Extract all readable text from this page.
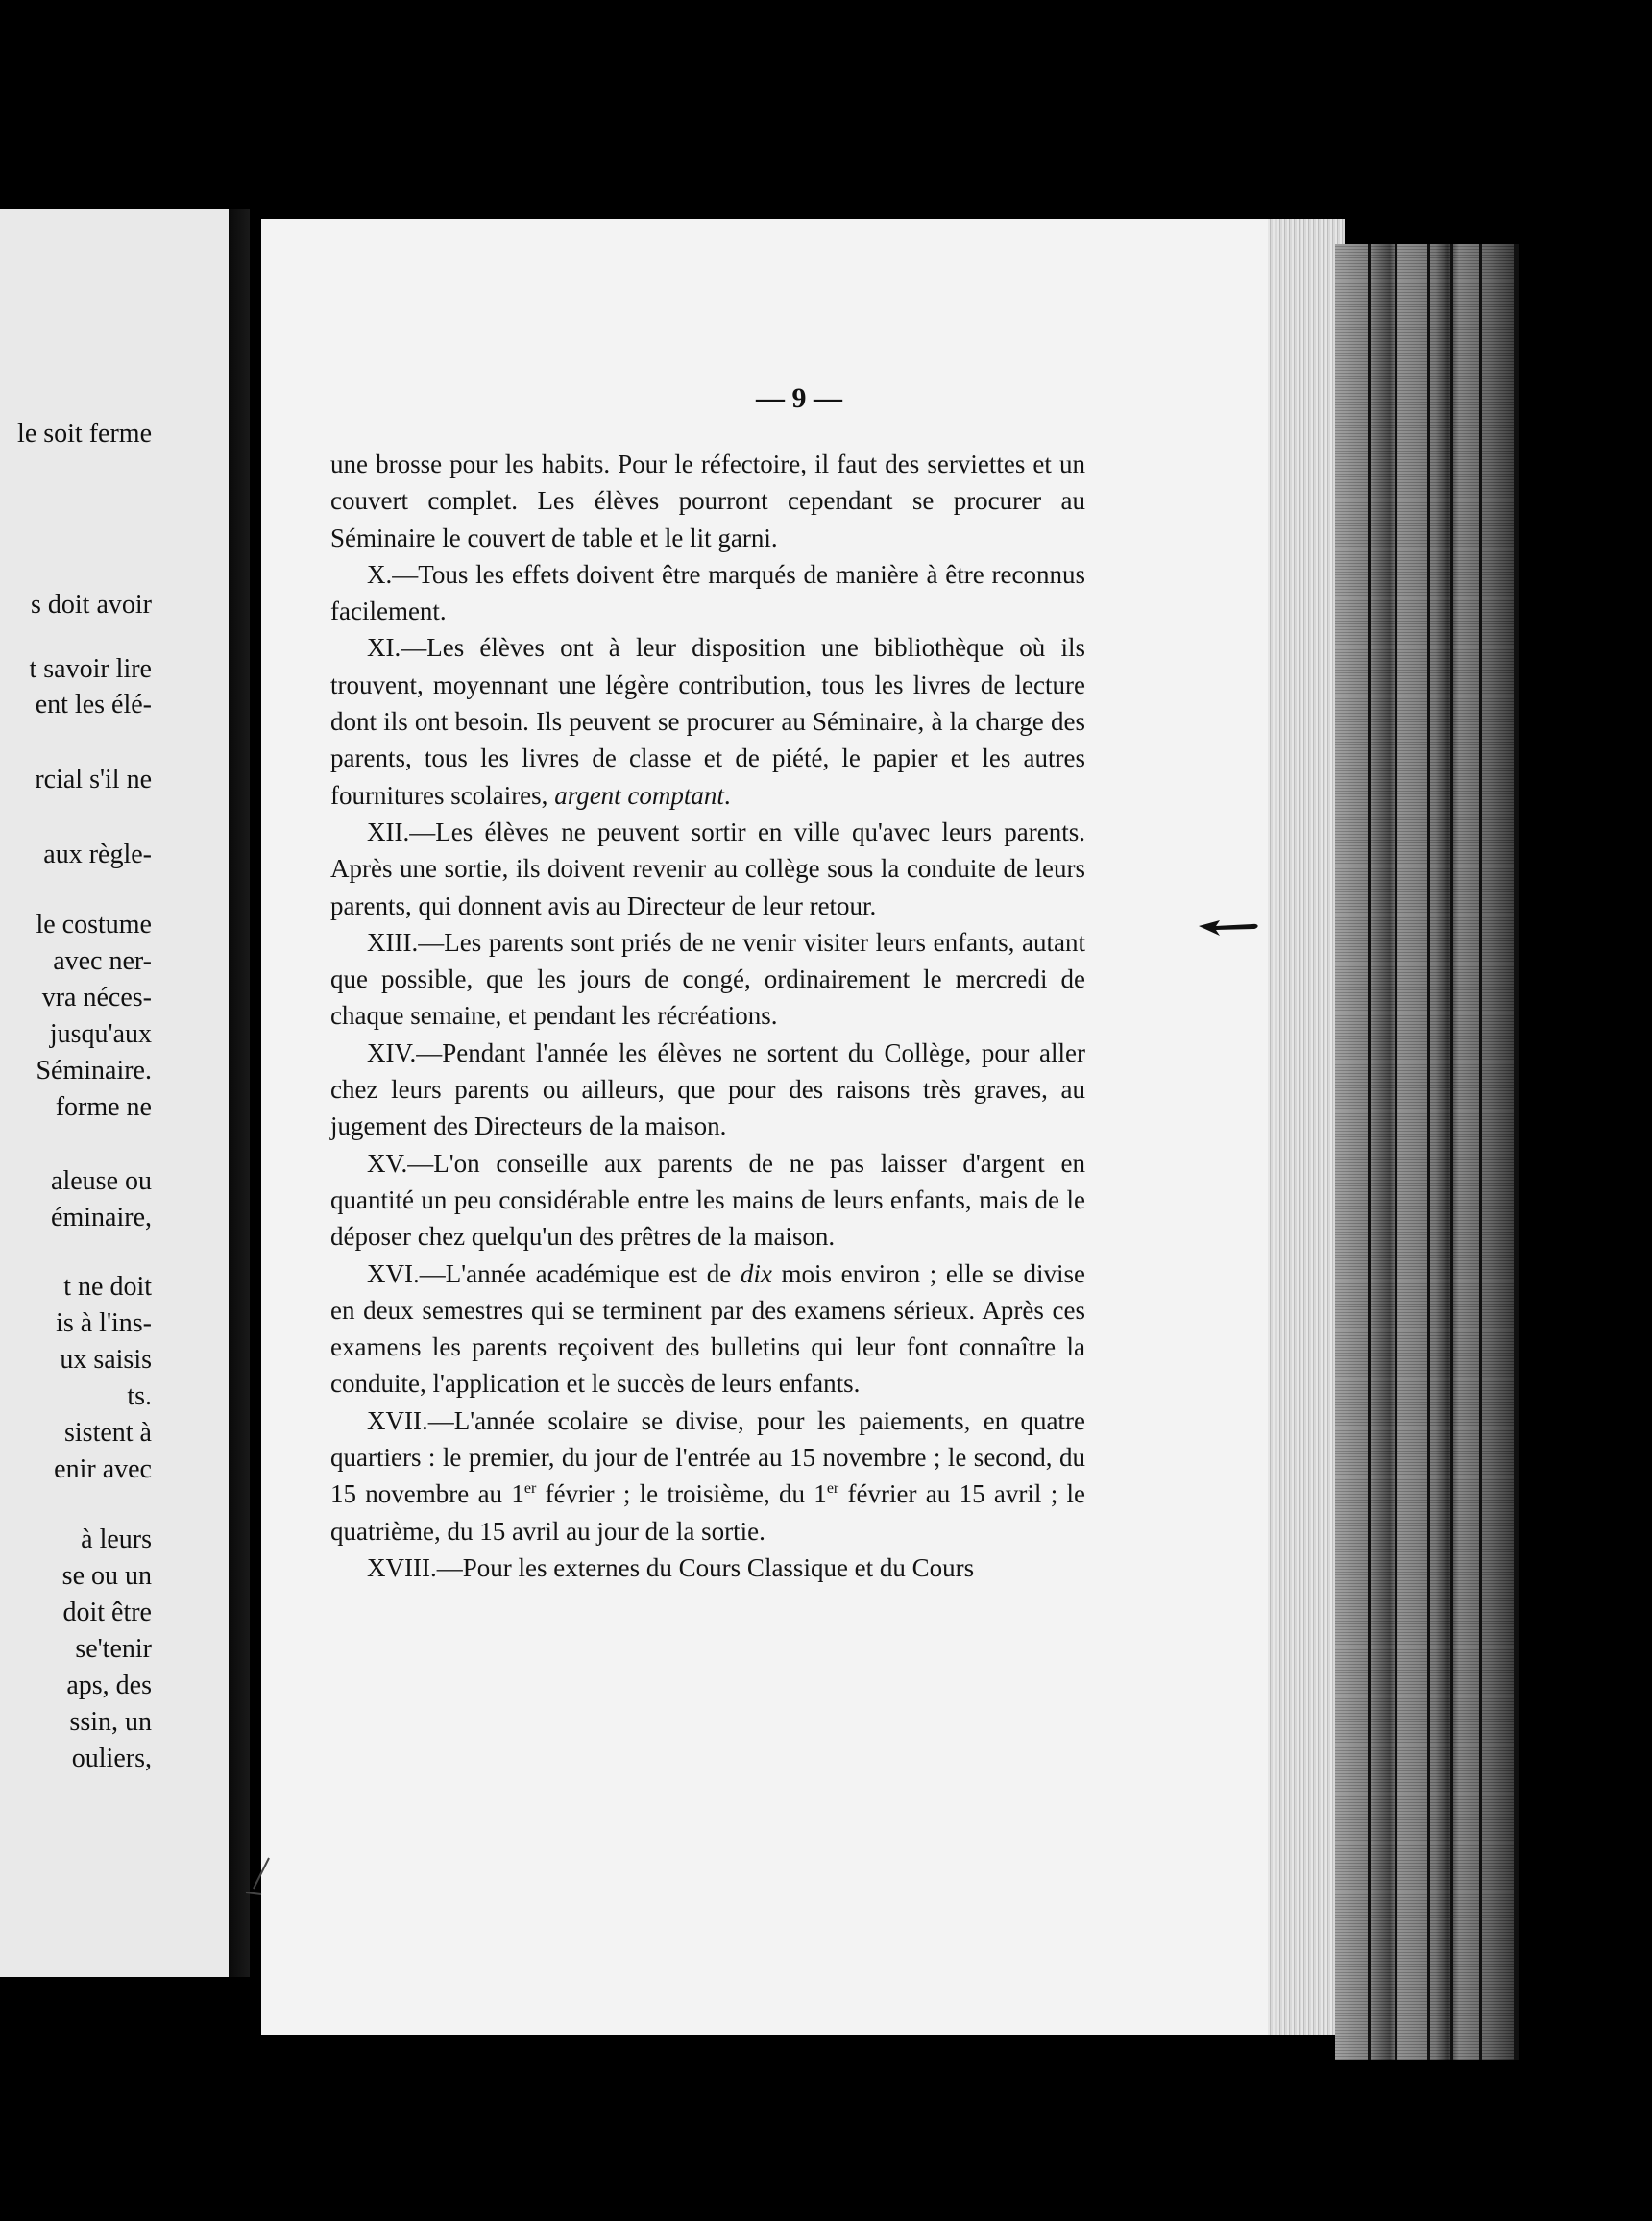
le soit ferme
s doit avoir
t savoir lire
ent les élé-
rcial s'il ne
aux règle-
le costume
avec ner-
vra néces-
jusqu'aux
Séminaire.
forme ne
aleuse ou
éminaire,
t ne doit
is à l'ins-
ux saisis
ts.
sistent à
enir avec
à leurs
se ou un
doit être
se'tenir
aps, des
ssin, un
ouliers,
— 9 —

une brosse pour les habits. Pour le réfectoire, il faut des serviettes et un couvert complet. Les élèves pourront cependant se procurer au Séminaire le couvert de table et le lit garni.

X.—Tous les effets doivent être marqués de manière à être reconnus facilement.

XI.—Les élèves ont à leur disposition une bibliothèque où ils trouvent, moyennant une légère contribution, tous les livres de lecture dont ils ont besoin. Ils peuvent se procurer au Séminaire, à la charge des parents, tous les livres de classe et de piété, le papier et les autres fournitures scolaires, argent comptant.

XII.—Les élèves ne peuvent sortir en ville qu'avec leurs parents. Après une sortie, ils doivent revenir au collège sous la conduite de leurs parents, qui donnent avis au Directeur de leur retour.

XIII.—Les parents sont priés de ne venir visiter leurs enfants, autant que possible, que les jours de congé, ordinairement le mercredi de chaque semaine, et pendant les récréations.

XIV.—Pendant l'année les élèves ne sortent du Collège, pour aller chez leurs parents ou ailleurs, que pour des raisons très graves, au jugement des Directeurs de la maison.

XV.—L'on conseille aux parents de ne pas laisser d'argent en quantité un peu considérable entre les mains de leurs enfants, mais de le déposer chez quelqu'un des prêtres de la maison.

XVI.—L'année académique est de dix mois environ ; elle se divise en deux semestres qui se terminent par des examens sérieux. Après ces examens les parents reçoivent des bulletins qui leur font connaître la conduite, l'application et le succès de leurs enfants.

XVII.—L'année scolaire se divise, pour les paiements, en quatre quartiers : le premier, du jour de l'entrée au 15 novembre ; le second, du 15 novembre au 1er février ; le troisième, du 1er février au 15 avril ; le quatrième, du 15 avril au jour de la sortie.

XVIII.—Pour les externes du Cours Classique et du Cours
